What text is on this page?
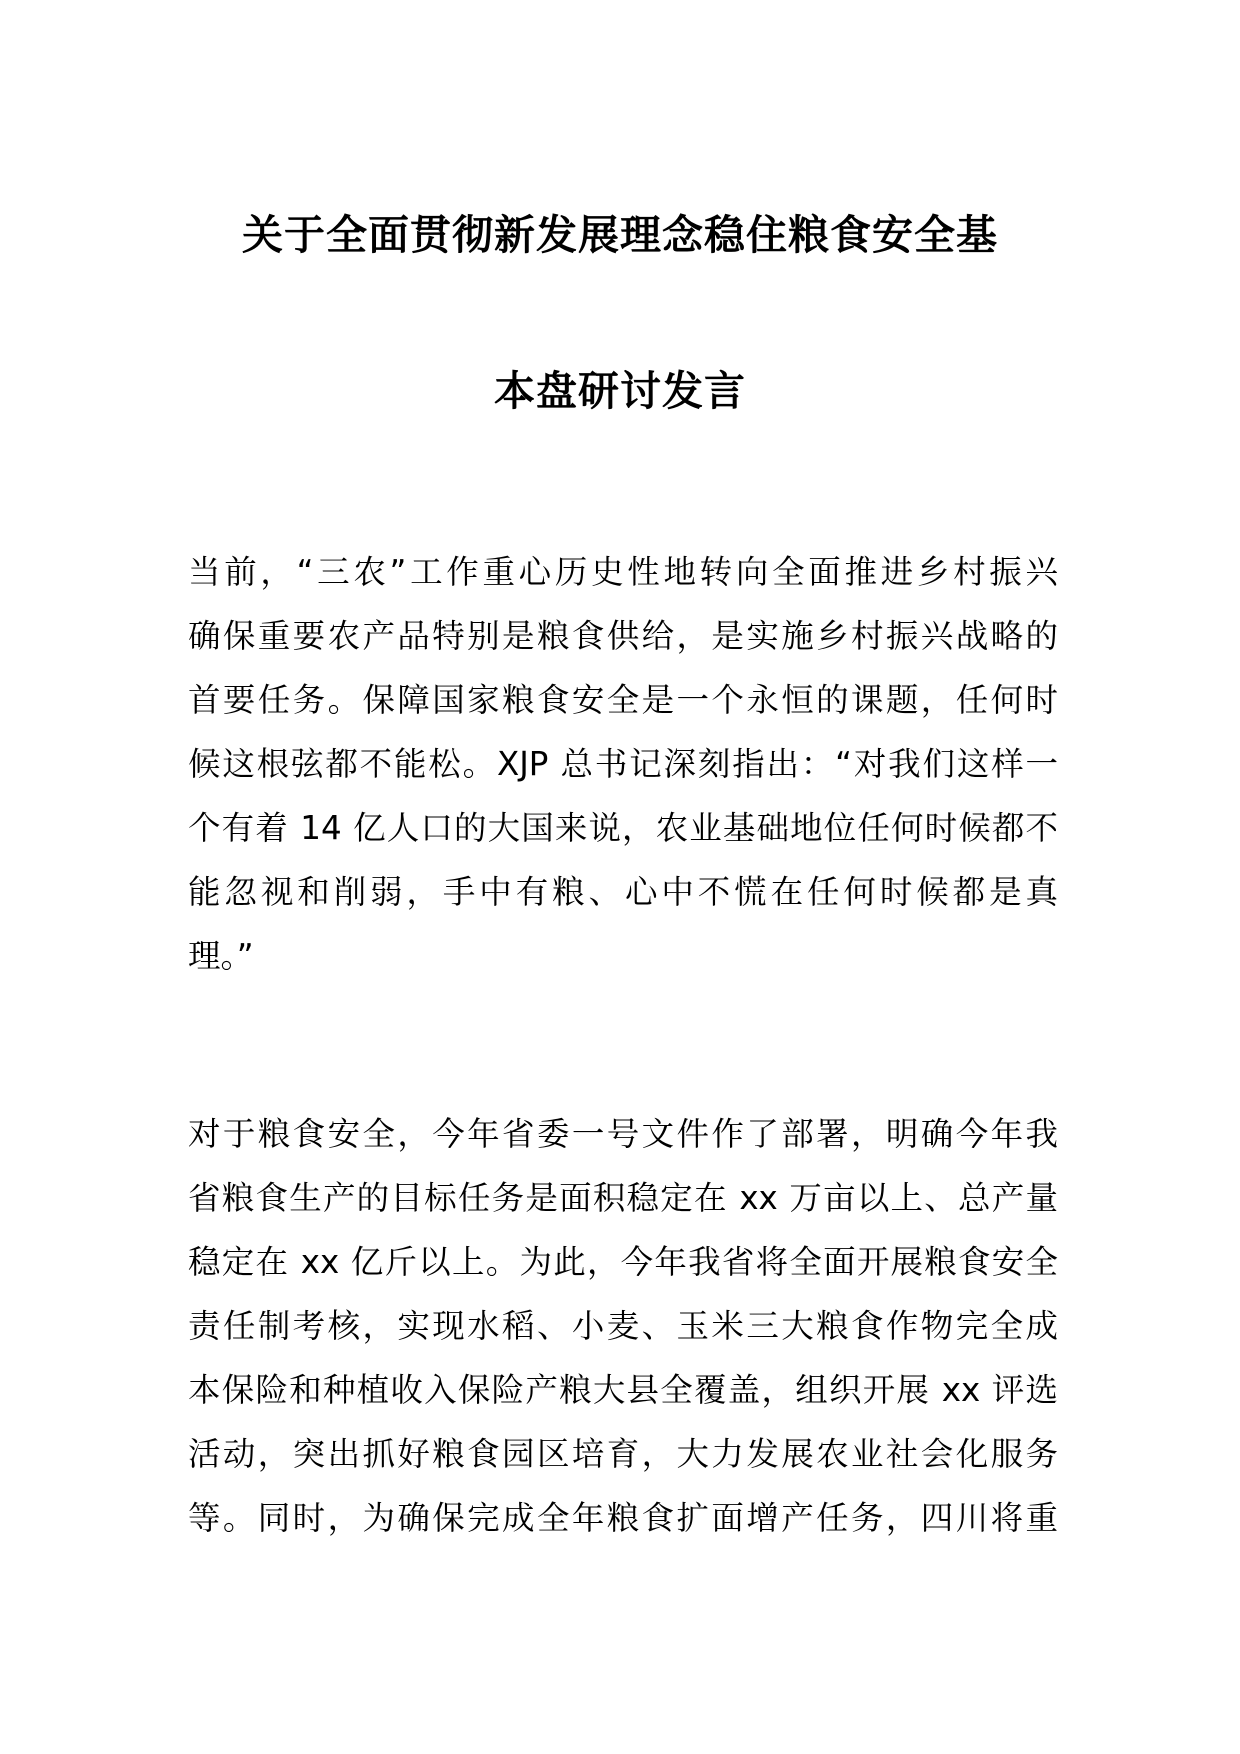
关于全面贯彻新发展理念稳住粮食安全基
本盘研讨发言
当前，“三农”工作重心历史性地转向全面推进乡村振兴
确保重要农产品特别是粮食供给，是实施乡村振兴战略的
首要任务。保障国家粮食安全是一个永恒的课题，任何时
候这根弦都不能松。XJP 总书记深刻指出：“对我们这样一
个有着 14 亿人口的大国来说，农业基础地位任何时候都不
能忽视和削弱，手中有粮、心中不慌在任何时候都是真
理。”
对于粮食安全，今年省委一号文件作了部署，明确今年我
省粮食生产的目标任务是面积稳定在 xx 万亩以上、总产量
稳定在 xx 亿斤以上。为此，今年我省将全面开展粮食安全
责任制考核，实现水稻、小麦、玉米三大粮食作物完全成
本保险和种植收入保险产粮大县全覆盖，组织开展 xx 评选
活动，突出抓好粮食园区培育，大力发展农业社会化服务
等。同时，为确保完成全年粮食扩面增产任务，四川将重
